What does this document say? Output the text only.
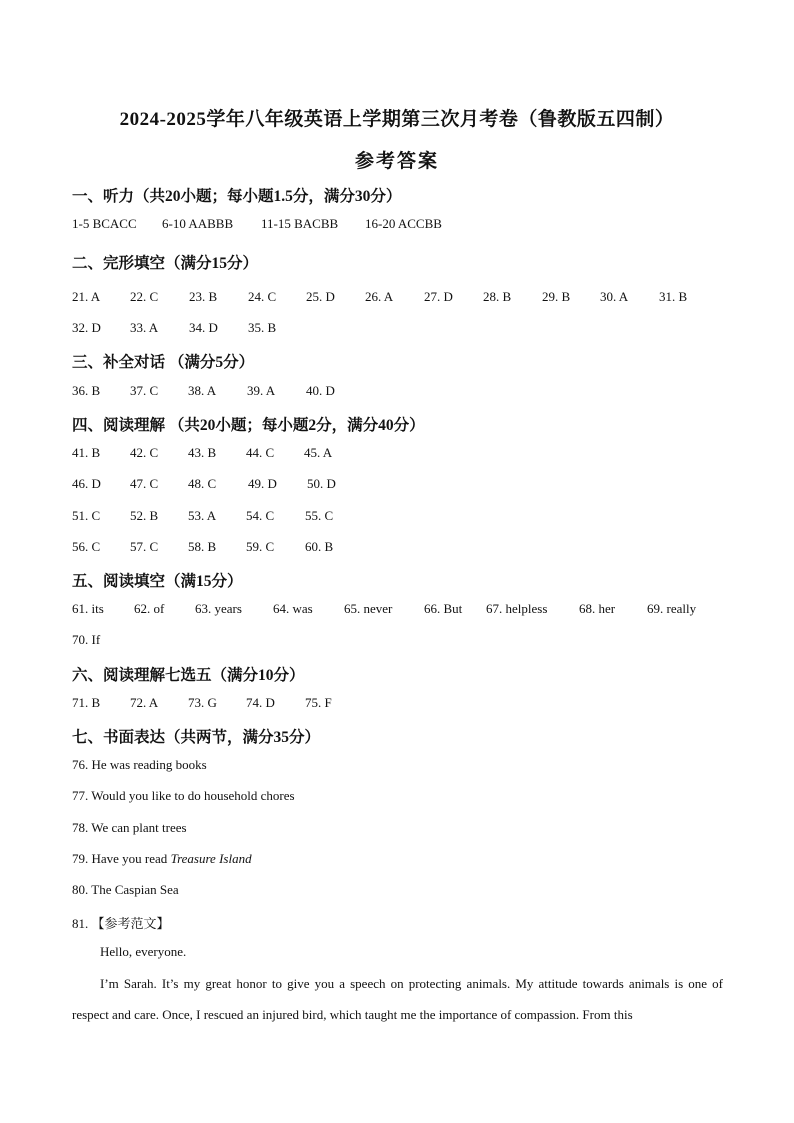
2024-2025学年八年级英语上学期第三次月考卷（鲁教版五四制）
参考答案
一、听力（共20小题；每小题1.5分，满分30分）
1-5 BCACC 6-10 AABBB 11-15 BACBB 16-20 ACCBB
二、完形填空（满分15分）
21. A 22. C 23. B 24. C 25. D 26. A 27. D 28. B 29. B 30. A 31. B
32. D 33. A 34. D 35. B
三、补全对话 （满分5分）
36. B 37. C 38. A 39. A 40. D
四、阅读理解 （共20小题；每小题2分，满分40分）
41. B 42. C 43. B 44. C 45. A
46. D 47. C 48. C 49. D 50. D
51. C 52. B 53. A 54. C 55. C
56. C 57. C 58. B 59. C 60. B
五、阅读填空（满15分）
61. its 62. of 63. years 64. was 65. never 66. But 67. helpless 68. her 69. really
70. If
六、阅读理解七选五（满分10分）
71. B 72. A 73. G 74. D 75. F
七、书面表达（共两节，满分35分）
76. He was reading books
77. Would you like to do household chores
78. We can plant trees
79. Have you read Treasure Island
80. The Caspian Sea
81. 【参考范文】
Hello, everyone.
I’m Sarah. It’s my great honor to give you a speech on protecting animals. My attitude towards animals is one of respect and care. Once, I rescued an injured bird, which taught me the importance of compassion. From this
